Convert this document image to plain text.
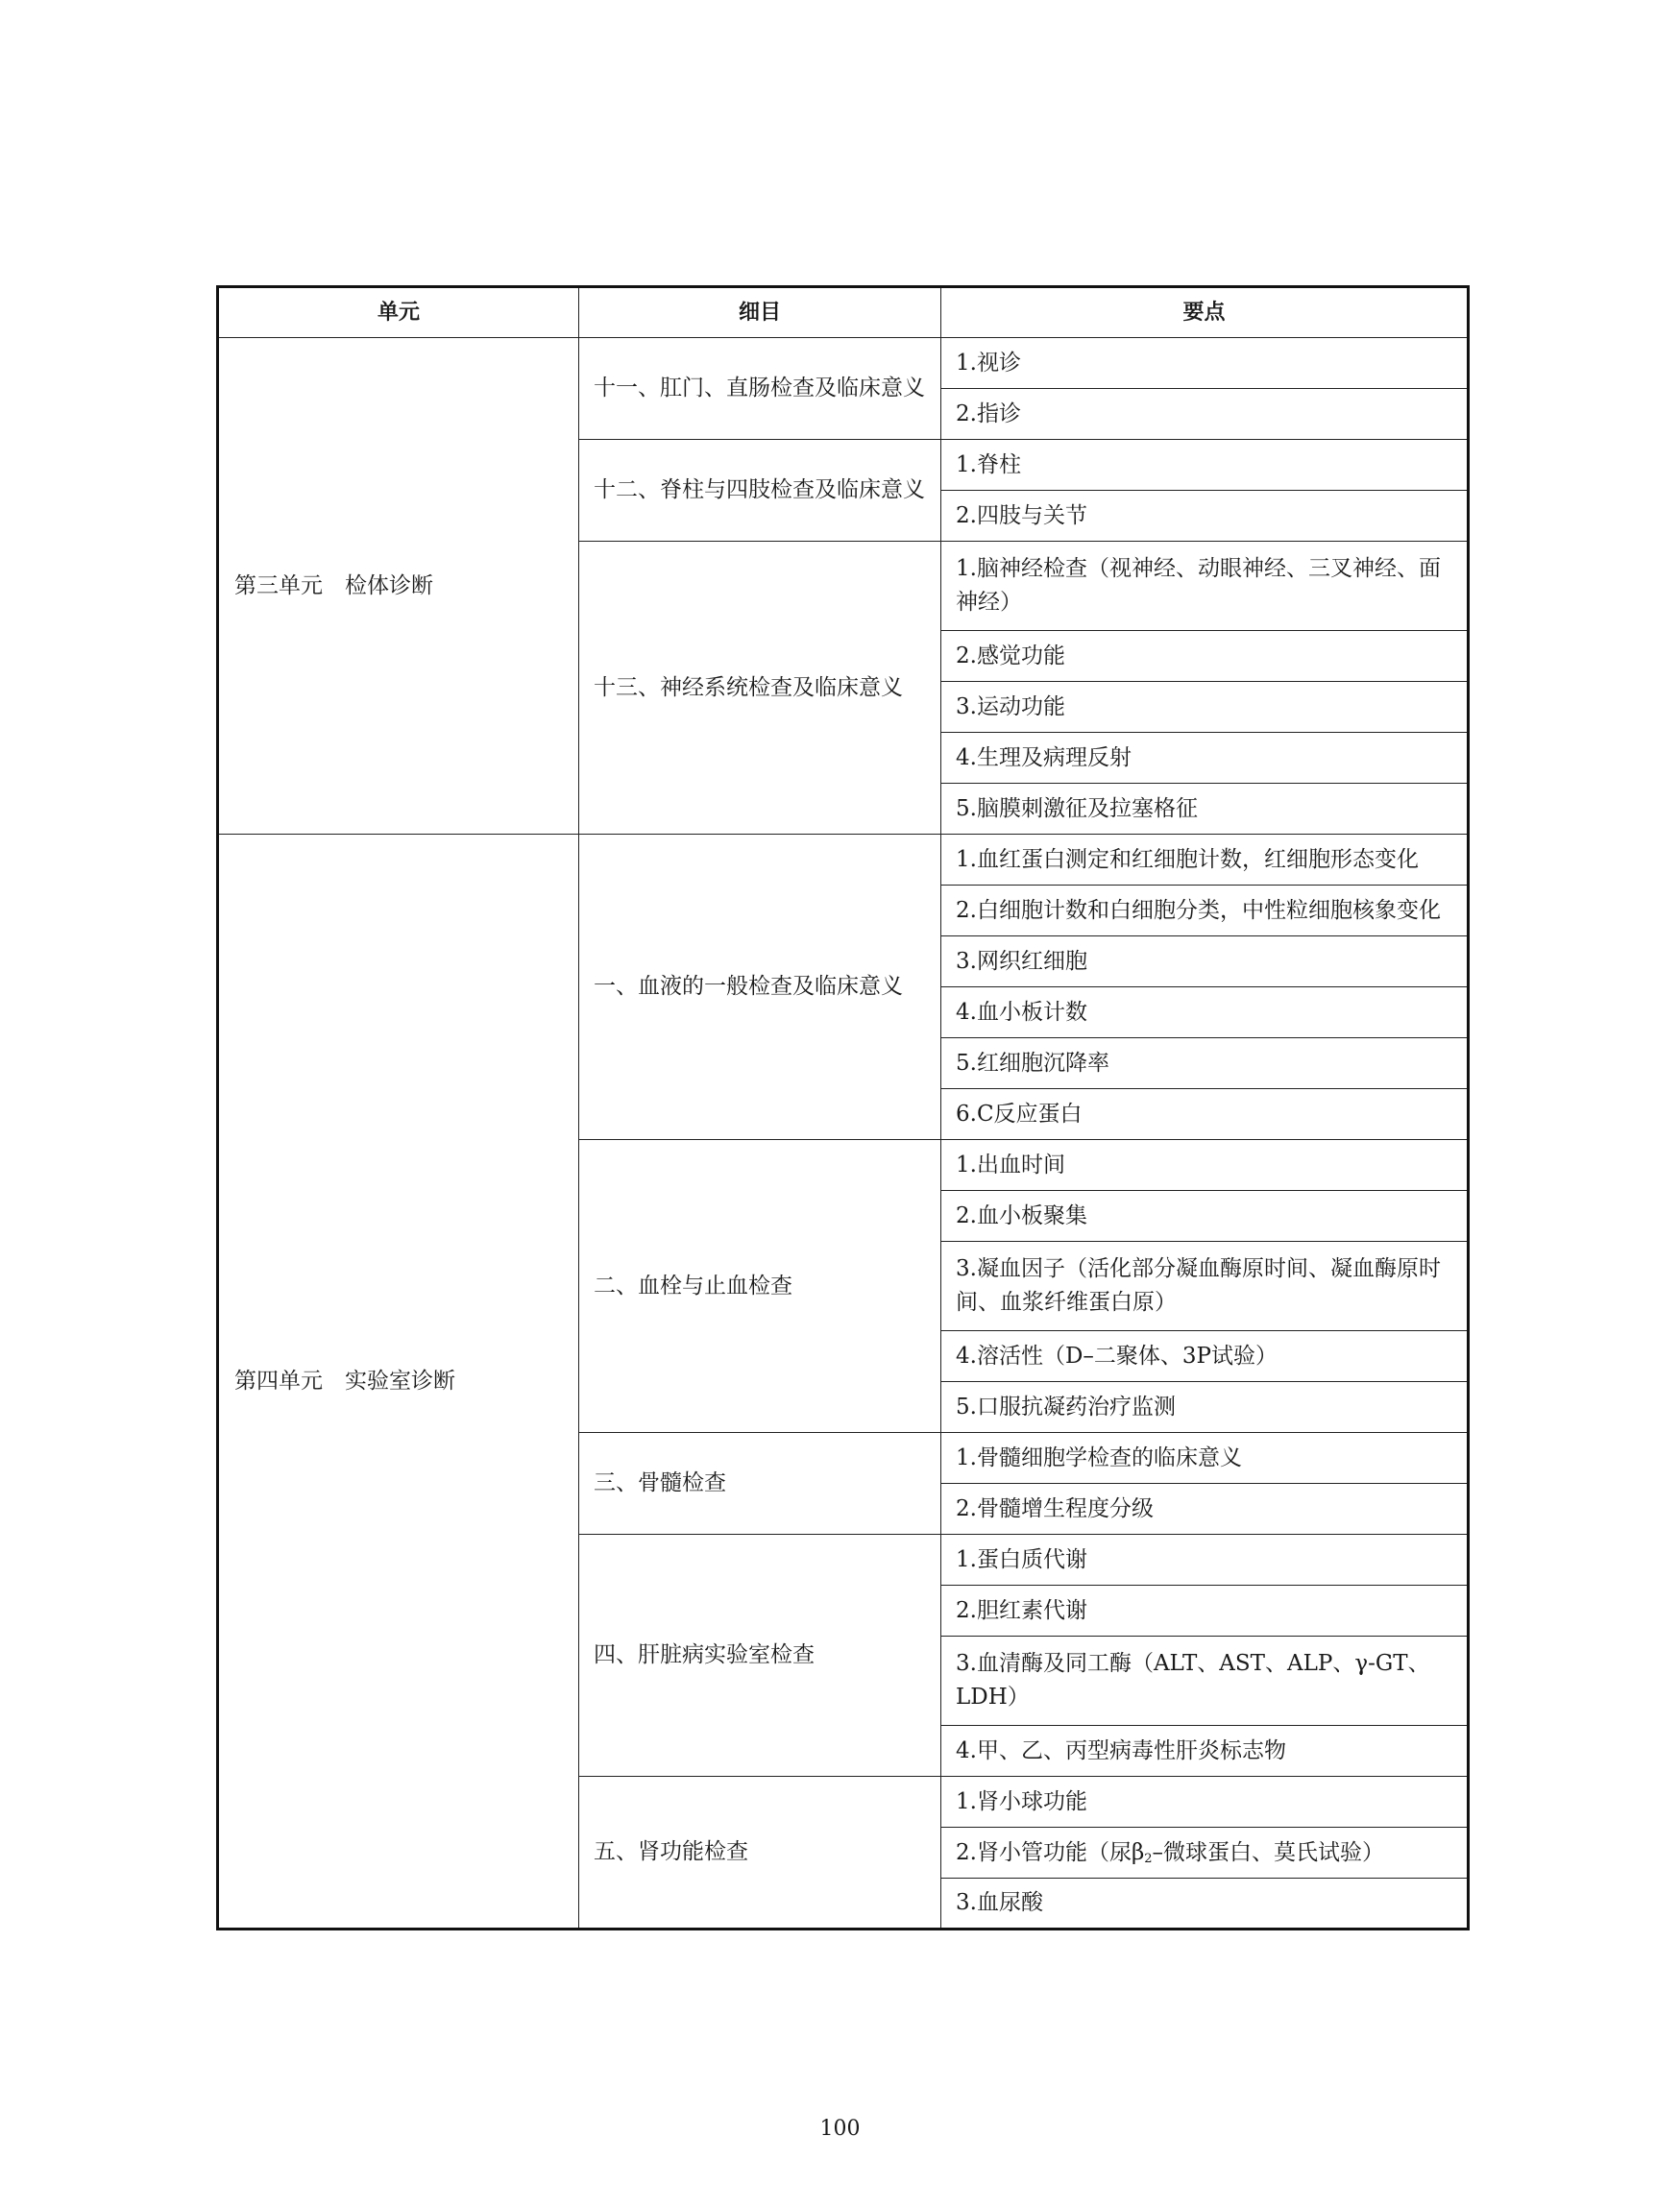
单元	细目	要点
第三单元　检体诊断	十一、肛门、直肠检查及临床意义	1.视诊
		2.指诊
	十二、脊柱与四肢检查及临床意义	1.脊柱
		2.四肢与关节
	十三、神经系统检查及临床意义	1.脑神经检查（视神经、动眼神经、三叉神经、面神经）
		2.感觉功能
		3.运动功能
		4.生理及病理反射
		5.脑膜刺激征及拉塞格征
第四单元　实验室诊断	一、血液的一般检查及临床意义	1.血红蛋白测定和红细胞计数，红细胞形态变化
		2.白细胞计数和白细胞分类，中性粒细胞核象变化
		3.网织红细胞
		4.血小板计数
		5.红细胞沉降率
		6.C反应蛋白
	二、血栓与止血检查	1.出血时间
		2.血小板聚集
		3.凝血因子（活化部分凝血酶原时间、凝血酶原时间、血浆纤维蛋白原）
		4.溶活性（D–二聚体、3P试验）
		5.口服抗凝药治疗监测
	三、骨髓检查	1.骨髓细胞学检查的临床意义
		2.骨髓增生程度分级
	四、肝脏病实验室检查	1.蛋白质代谢
		2.胆红素代谢
		3.血清酶及同工酶（ALT、AST、ALP、γ-GT、LDH）
		4.甲、乙、丙型病毒性肝炎标志物
	五、肾功能检查	1.肾小球功能
		2.肾小管功能（尿$\beta_2-$微球蛋白、莫氏试验）
		3.血尿酸
100
